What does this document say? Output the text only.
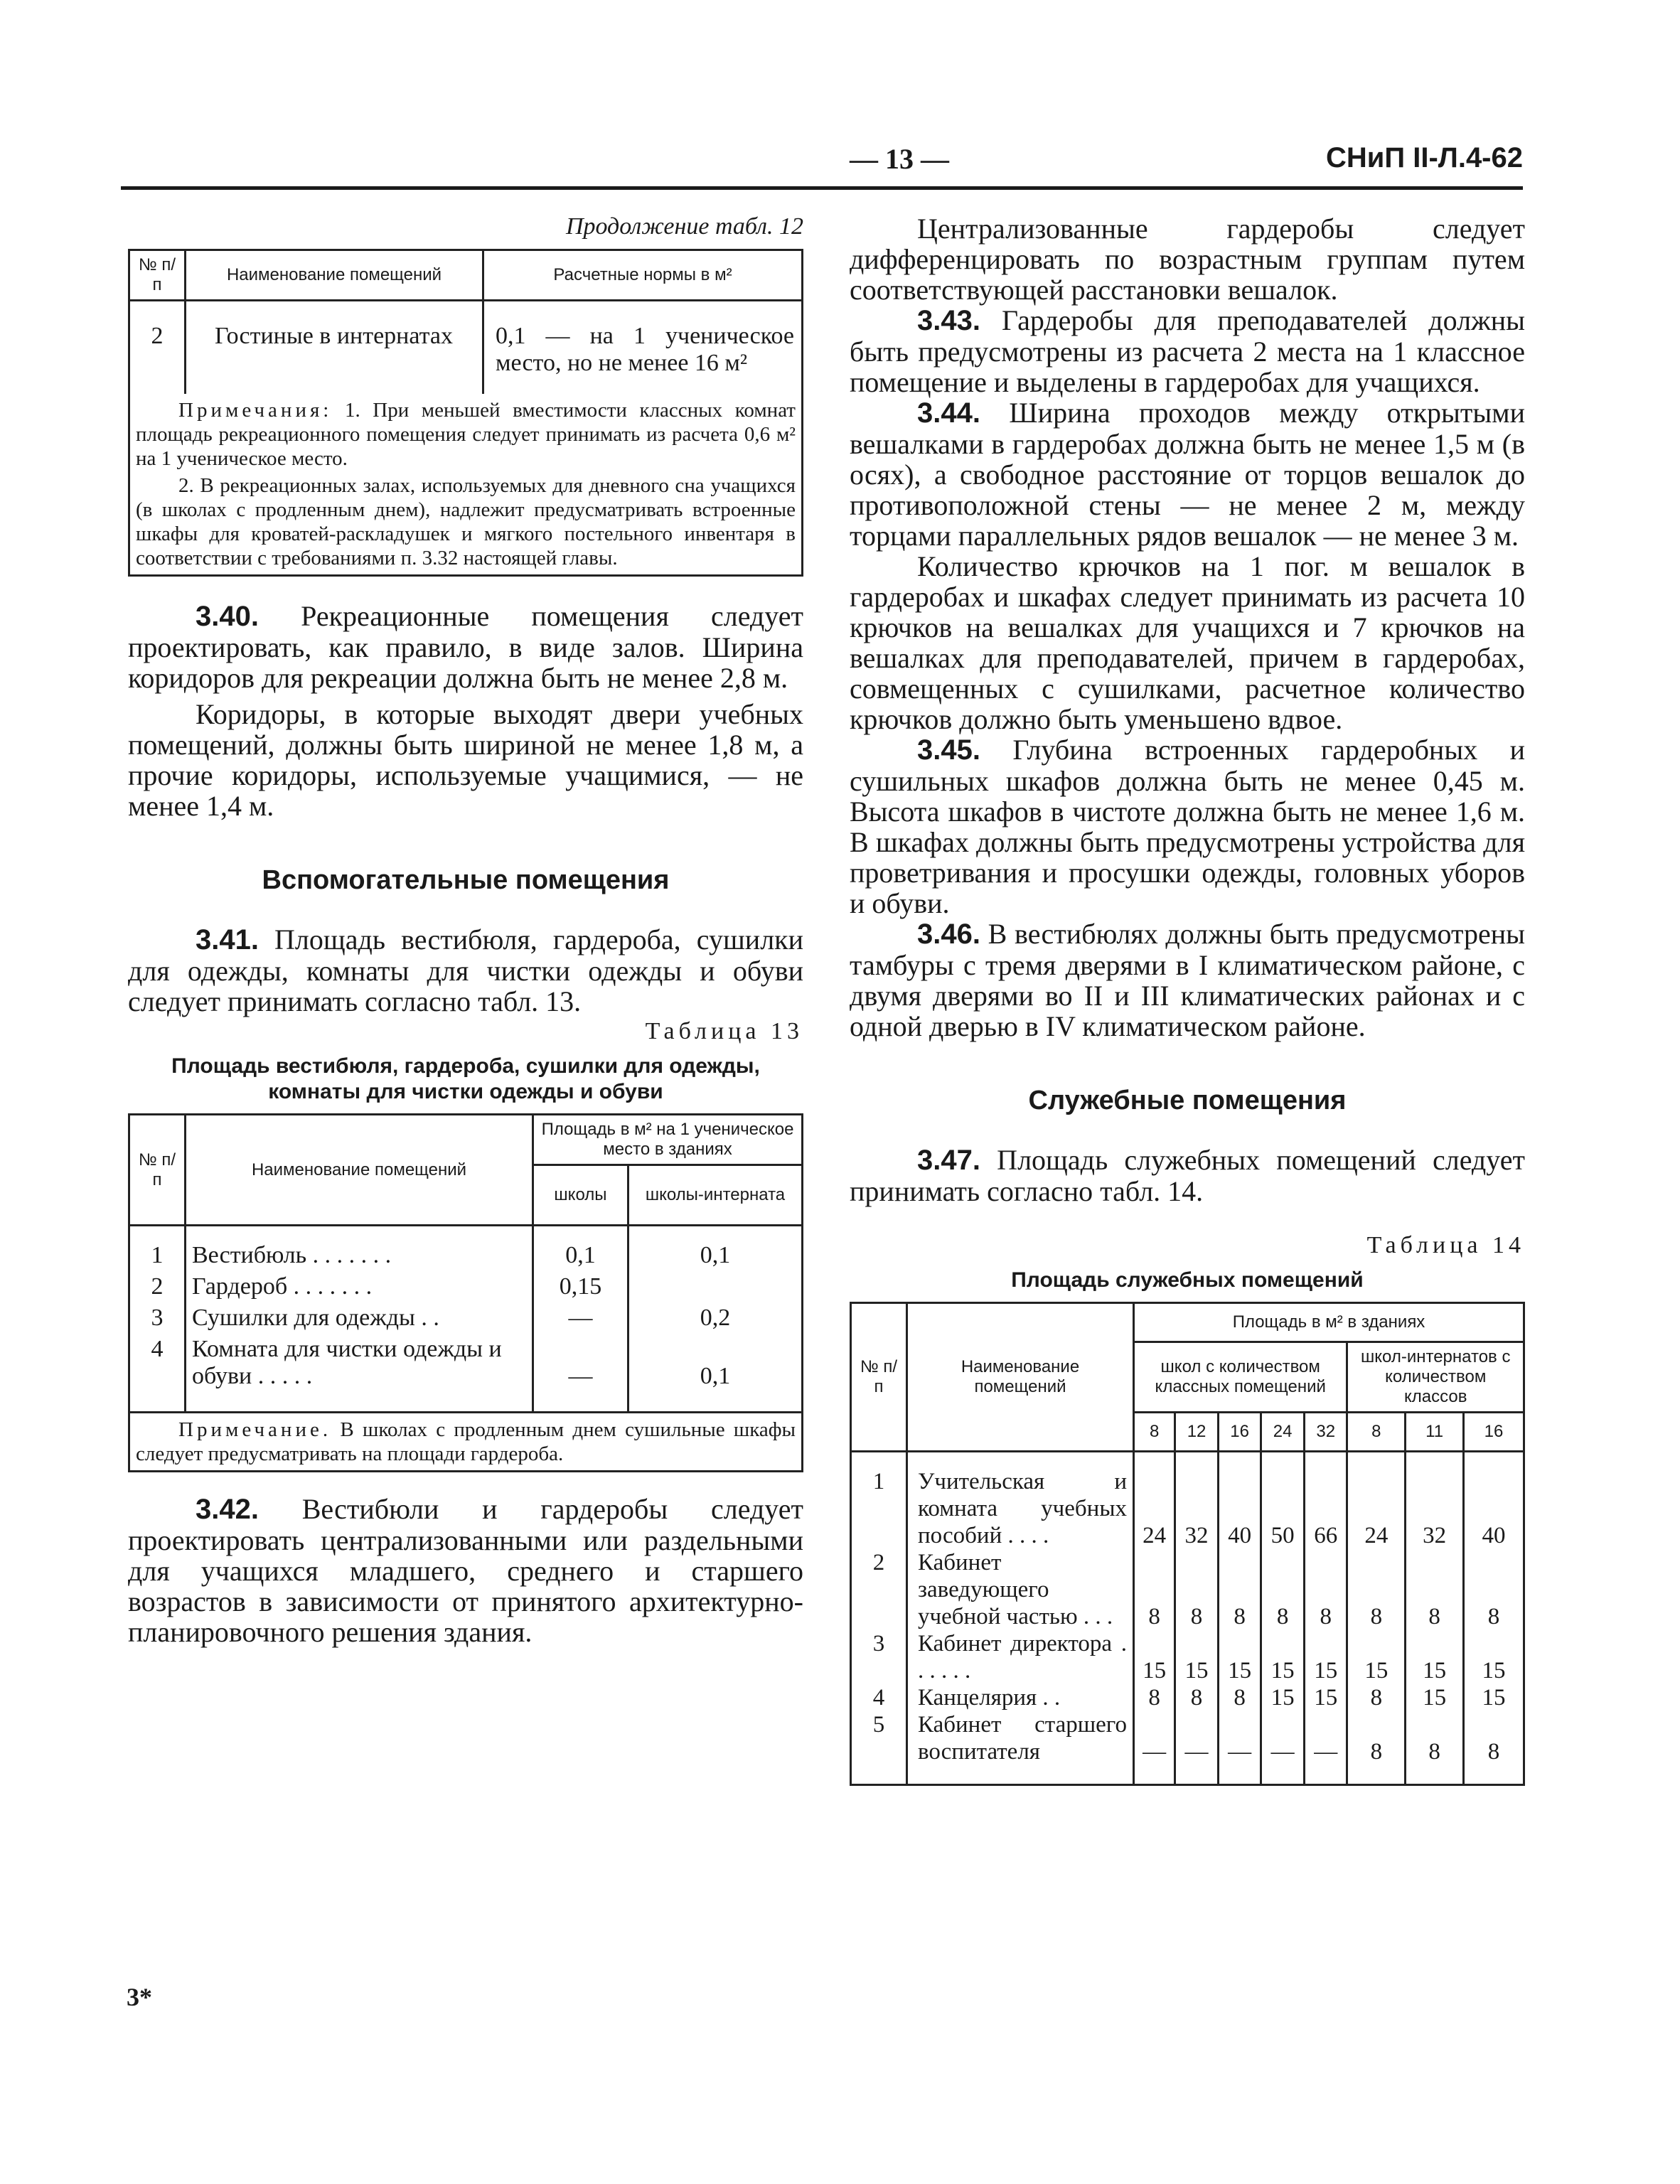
— 13 —	СНиП II-Л.4-62

Продолжение табл. 12

№ п/п	Наименование помещений	Расчетные нормы в м²
2	Гостиные в интернатах	0,1 — на 1 ученическое место, но не менее 16 м²

Примечания: 1. При меньшей вместимости классных комнат площадь рекреационного помещения следует принимать из расчета 0,6 м² на 1 ученическое место.
2. В рекреационных залах, используемых для дневного сна учащихся (в школах с продленным днем), надлежит предусматривать встроенные шкафы для кроватей-раскладушек и мягкого постельного инвентаря в соответствии с требованиями п. 3.32 настоящей главы.		

3.40. Рекреационные помещения следует проектировать, как правило, в виде залов. Ширина коридоров для рекреации должна быть не менее 2,8 м.

Коридоры, в которые выходят двери учебных помещений, должны быть шириной не менее 1,8 м, а прочие коридоры, используемые учащимися, — не менее 1,4 м.

Вспомогательные помещения

3.41. Площадь вестибюля, гардероба, сушилки для одежды, комнаты для чистки одежды и обуви следует принимать согласно табл. 13.

Таблица 13

Площадь вестибюля, гардероба, сушилки для одежды, комнаты для чистки одежды и обуви
№ п/п	Наименование помещений	Площадь в м² на 1 ученическое место в зданиях	
		школы	школы-интерната
1	Вестибюль . . . . . . .	0,1	0,1
2	Гардероб . . . . . . .	0,15	
3	Сушилки для одежды . .	—	0,2
4	Комната для чистки одежды и обуви . . . . .	—	0,1
Примечание. В школах с продленным днем сушильные шкафы следует предусматривать на площади гардероба.			

3.42. Вестибюли и гардеробы следует проектировать централизованными или раздельными для учащихся младшего, среднего и старшего возрастов в зависимости от принятого архитектурно-планировочного решения здания.

3*

Централизованные гардеробы следует дифференцировать по возрастным группам путем соответствующей расстановки вешалок.

3.43. Гардеробы для преподавателей должны быть предусмотрены из расчета 2 места на 1 классное помещение и выделены в гардеробах для учащихся.

3.44. Ширина проходов между открытыми вешалками в гардеробах должна быть не менее 1,5 м (в осях), а свободное расстояние от торцов вешалок до противоположной стены — не менее 2 м, между торцами параллельных рядов вешалок — не менее 3 м.

Количество крючков на 1 пог. м вешалок в гардеробах и шкафах следует принимать из расчета 10 крючков на вешалках для учащихся и 7 крючков на вешалках для преподавателей, причем в гардеробах, совмещенных с сушилками, расчетное количество крючков должно быть уменьшено вдвое.

3.45. Глубина встроенных гардеробных и сушильных шкафов должна быть не менее 0,45 м. Высота шкафов в чистоте должна быть не менее 1,6 м. В шкафах должны быть предусмотрены устройства для проветривания и просушки одежды, головных уборов и обуви.

3.46. В вестибюлях должны быть предусмотрены тамбуры с тремя дверями в I климатическом районе, с двумя дверями во II и III климатических районах и с одной дверью в IV климатическом районе.

Служебные помещения

3.47. Площадь служебных помещений следует принимать согласно табл. 14.

Таблица 14

Площадь служебных помещений
№ п/п	Наименование помещений	Площадь в м² в зданиях							
		школ с количеством классных помещений					школ-интернатов с количеством классов		
		8	12	16	24	32	8	11	16
1	Учительская и комната учебных пособий . . . .	24	32	40	50	66	24	32	40
2	Кабинет заведующего учебной частью . . .	8	8	8	8	8	8	8	8
3	Кабинет директора . . . . . .	15	15	15	15	15	15	15	15
4	Канцелярия . .	8	8	8	15	15	8	15	15
5	Кабинет старшего воспитателя	—	—	—	—	—	8	8	8
